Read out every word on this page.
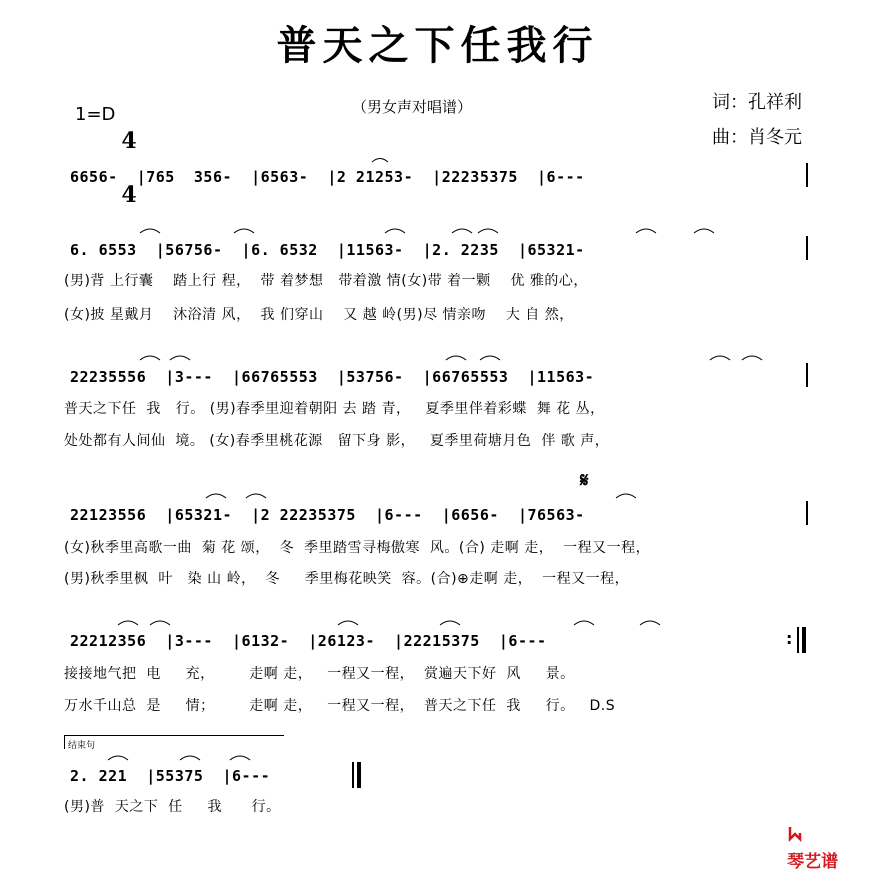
普天之下任我行
1=D

4

4

（男女声对唱谱）	词：孔祥利
曲：肖冬元
6656-  |765  356-  |6563-  |2 21253-  |22235375  |6---
6. 6553  |56756-  |6. 6532  |11563-  |2. 2235  |65321-
(男)背 上行囊    踏上行 程，  带 着梦想   带着激 情(女)带 着一颗    优 雅的心，
(女)披 星戴月    沐浴清 风，  我 们穿山    又 越 岭(男)尽 情亲吻    大 自 然，
22235556  |3---  |66765553  |53756-  |66765553  |11563-
普天之下任  我   行。 (男)春季里迎着朝阳 去 踏 青，   夏季里伴着彩蝶  舞 花 丛，
处处都有人间仙  境。 (女)春季里桃花源   留下身 影，   夏季里荷塘月色  伴 歌 声，
𝄋
22123556  |65321-  |2 22235375  |6---  |6656-  |76563-
(女)秋季里高歌一曲  菊 花 颂，  冬  季里踏雪寻梅傲寒  风。(合) 走啊 走，  一程又一程，
(男)秋季里枫  叶   染 山 岭，  冬     季里梅花映笑  容。(合)⊕走啊 走，  一程又一程，
22212356  |3---  |6132-  |26123-  |22215375  |6---	:
接接地气把  电     充，       走啊 走，   一程又一程，  赏遍天下好  风     景。
万水千山总  是     情；       走啊 走，   一程又一程，  普天之下任  我     行。   D.S
结束句
2. 221  |55375  |6---
(男)普  天之下  任     我      行。

琴艺谱
